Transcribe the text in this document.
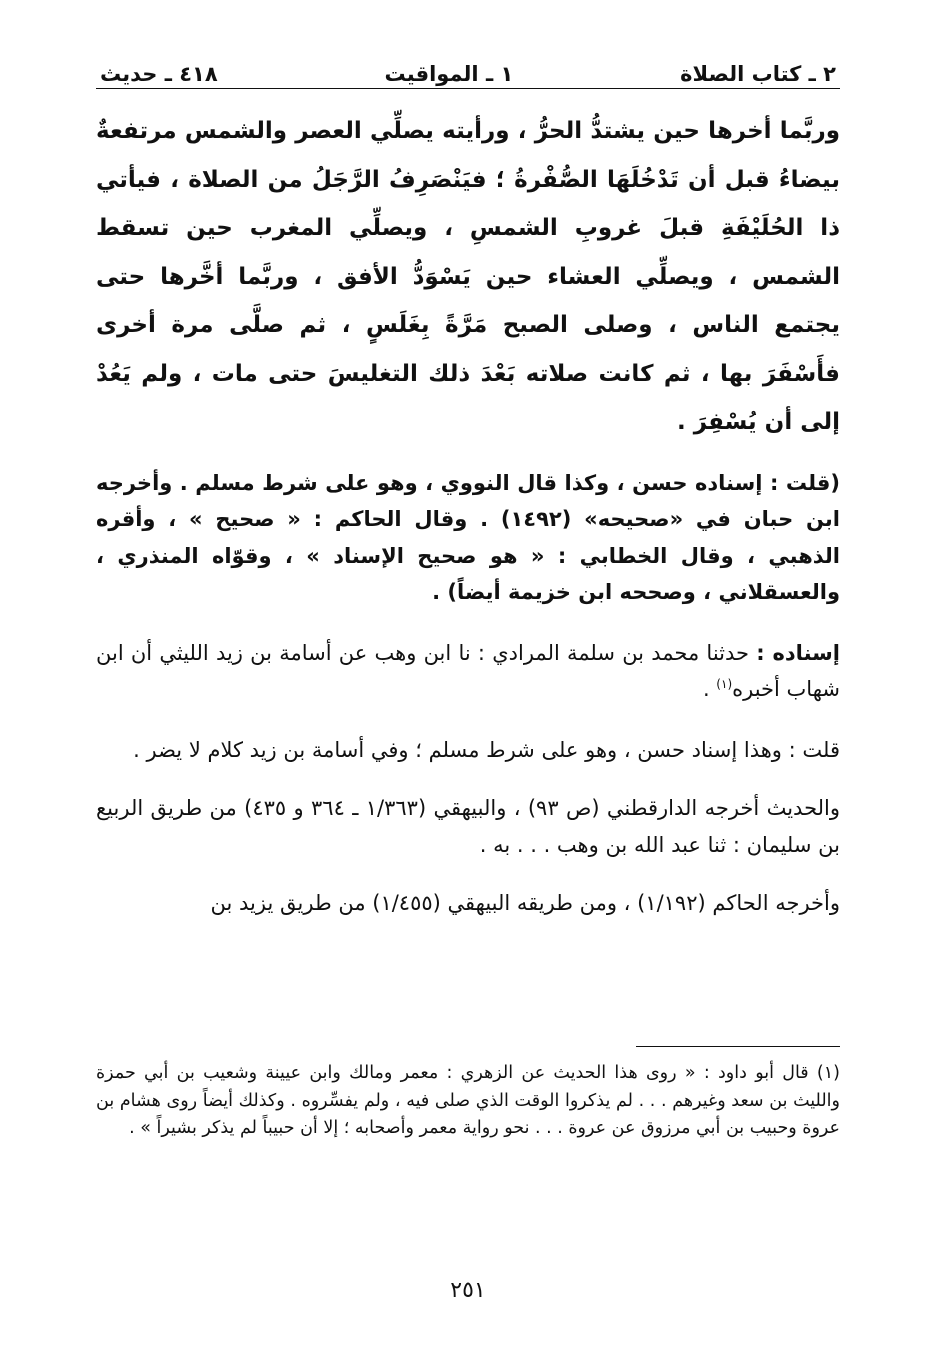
٢ ـ كتاب الصلاة
١ ـ المواقيت
٤١٨ ـ حديث
وربَّما أخرها حين يشتدُّ الحرُّ ، ورأيته يصلِّي العصر والشمس مرتفعةٌ بيضاءُ قبل أن تَدْخُلَهَا الصُّفْرةُ ؛ فيَنْصَرِفُ الرَّجَلُ من الصلاة ، فيأتي ذا الحُلَيْفَةِ قبلَ غروبِ الشمسِ ، ويصلِّي المغرب حين تسقط الشمس ، ويصلِّي العشاء حين يَسْوَدُّ الأفق ، وربَّما أخَّرها حتى يجتمع الناس ، وصلى الصبح مَرَّةً بِغَلَسٍ ، ثم صلَّى مرة أخرى فأَسْفَرَ بها ، ثم كانت صلاته بَعْدَ ذلك التغليسَ حتى مات ، ولم يَعُدْ إلى أن يُسْفِرَ .
(قلت : إسناده حسن ، وكذا قال النووي ، وهو على شرط مسلم . وأخرجه ابن حبان في «صحيحه» (١٤٩٢) . وقال الحاكم : « صحيح » ، وأقره الذهبي ، وقال الخطابي : « هو صحيح الإسناد » ، وقوّاه المنذري ، والعسقلاني ، وصححه ابن خزيمة أيضاً) .
إسناده : حدثنا محمد بن سلمة المرادي : نا ابن وهب عن أسامة بن زيد الليثي أن ابن شهاب أخبره$^{(١)}$ .
قلت : وهذا إسناد حسن ، وهو على شرط مسلم ؛ وفي أسامة بن زيد كلام لا يضر .
والحديث أخرجه الدارقطني (ص ٩٣) ، والبيهقي (١/٣٦٣ ـ ٣٦٤ و ٤٣٥) من طريق الربيع بن سليمان : ثنا عبد الله بن وهب . . . به .
وأخرجه الحاكم (١/١٩٢) ، ومن طريقه البيهقي (١/٤٥٥) من طريق يزيد بن
(١) قال أبو داود : « روى هذا الحديث عن الزهري : معمر ومالك وابن عيينة وشعيب بن أبي حمزة والليث بن سعد وغيرهم . . . لم يذكروا الوقت الذي صلى فيه ، ولم يفسِّروه . وكذلك أيضاً روى هشام بن عروة وحبيب بن أبي مرزوق عن عروة . . . نحو رواية معمر وأصحابه ؛ إلا أن حبيباً لم يذكر بشيراً » .
٢٥١
